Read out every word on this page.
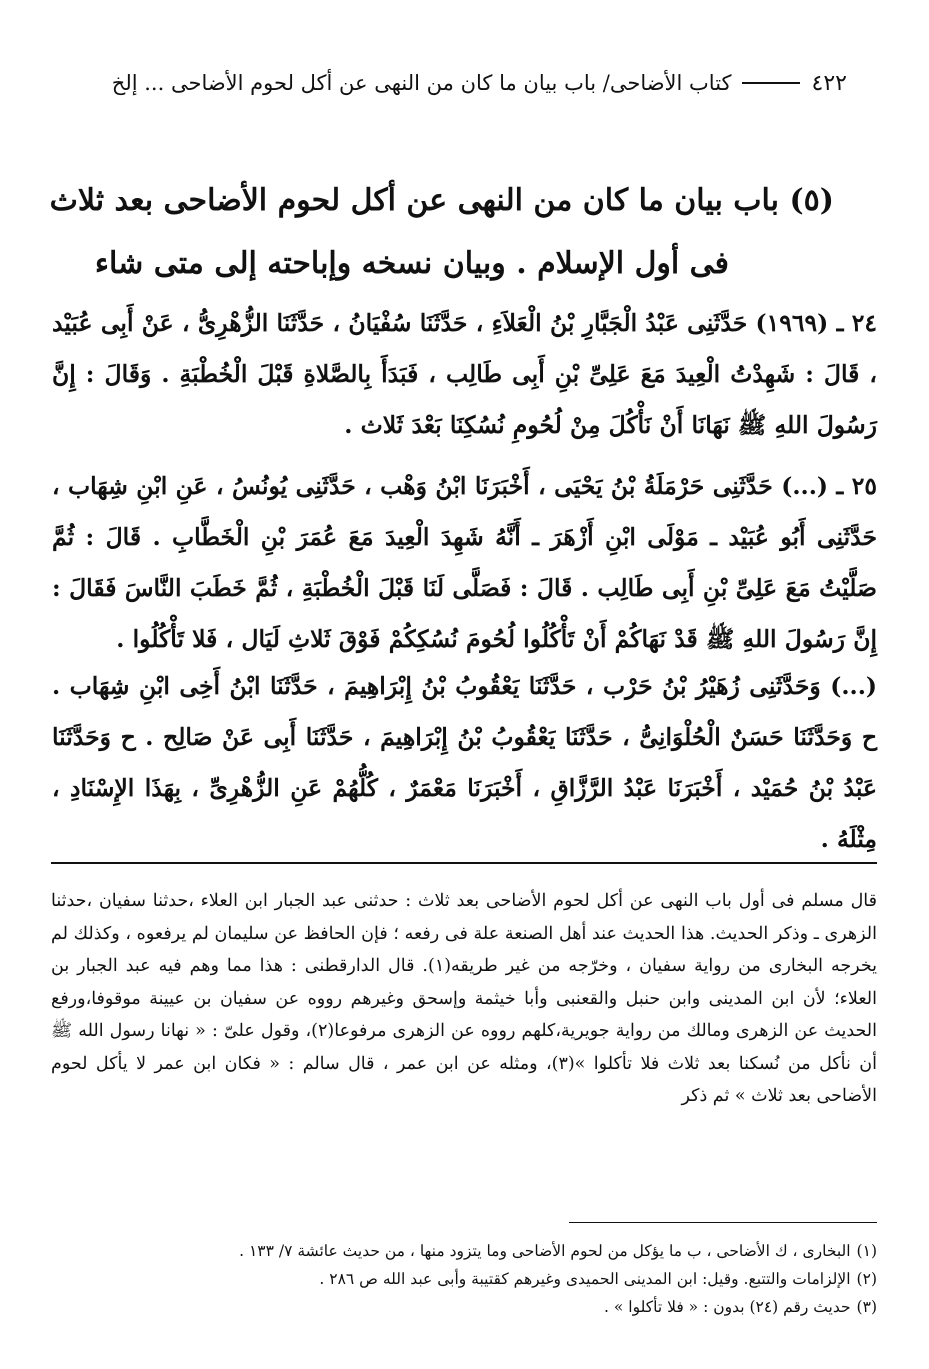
٤٢٢
كتاب الأضاحى/ باب بيان ما كان من النهى عن أكل لحوم الأضاحى ... إلخ
(٥) باب بيان ما كان من النهى عن أكل لحوم الأضاحى بعد ثلاث
فى أول الإسلام . وبيان نسخه وإباحته إلى متى شاء

٢٤ ـ (١٩٦٩) حَدَّثَنِى عَبْدُ الْجَبَّارِ بْنُ الْعَلاَءِ ، حَدَّثَنَا سُفْيَانُ ، حَدَّثَنَا الزُّهْرِىُّ ، عَنْ أَبِى عُبَيْد ، قَالَ : شَهِدْتُ الْعِيدَ مَعَ عَلِىِّ بْنِ أَبِى طَالِب ، فَبَدَأَ بِالصَّلاةِ قَبْلَ الْخُطْبَةِ . وَقَالَ : إِنَّ رَسُولَ اللهِ ﷺ نَهَانَا أَنْ نَأْكُلَ مِنْ لُحُومِ نُسُكِنَا بَعْدَ ثَلاث .

٢٥ ـ (...) حَدَّثَنِى حَرْمَلَةُ بْنُ يَحْيَى ، أَخْبَرَنَا ابْنُ وَهْب ، حَدَّثَنِى يُونُسُ ، عَنِ ابْنِ شِهَاب ، حَدَّثَنِى أَبُو عُبَيْد ـ مَوْلَى ابْنِ أَزْهَرَ ـ أَنَّهُ شَهِدَ الْعِيدَ مَعَ عُمَرَ بْنِ الْخَطَّابِ . قَالَ : ثُمَّ صَلَّيْتُ مَعَ عَلِىِّ بْنِ أَبِى طَالِب . قَالَ : فَصَلَّى لَنَا قَبْلَ الْخُطْبَةِ ، ثُمَّ خَطَبَ النَّاسَ فَقَالَ : إِنَّ رَسُولَ اللهِ ﷺ قَدْ نَهَاكُمْ أَنْ تَأْكُلُوا لُحُومَ نُسُكِكُمْ فَوْقَ ثَلاثِ لَيَال ، فَلا تَأْكُلُوا .

(...) وَحَدَّثَنِى زُهَيْرُ بْنُ حَرْب ، حَدَّثَنَا يَعْقُوبُ بْنُ إِبْرَاهِيمَ ، حَدَّثَنَا ابْنُ أَخِى ابْنِ شِهَاب . ح وَحَدَّثَنَا حَسَنٌ الْحُلْوَانِىُّ ، حَدَّثَنَا يَعْقُوبُ بْنُ إِبْرَاهِيمَ ، حَدَّثَنَا أَبِى عَنْ صَالِح . ح وَحَدَّثَنَا عَبْدُ بْنُ حُمَيْد ، أَخْبَرَنَا عَبْدُ الرَّزَّاقِ ، أَخْبَرَنَا مَعْمَرٌ ، كُلُّهُمْ عَنِ الزُّهْرِىِّ ، بِهَذَا الإِسْنَادِ ، مِثْلَهُ .

قال مسلم فى أول باب النهى عن أكل لحوم الأضاحى بعد ثلاث : حدثنى عبد الجبار ابن العلاء ،حدثنا سفيان ،حدثنا الزهرى ـ وذكر الحديث. هذا الحديث عند أهل الصنعة علة فى رفعه ؛ فإن الحافظ عن سليمان لم يرفعوه ، وكذلك لم يخرجه البخارى من رواية سفيان ، وخرّجه من غير طريقه(١). قال الدارقطنى : هذا مما وهم فيه عبد الجبار بن العلاء؛ لأن ابن المدينى وابن حنبل والقعنبى وأبا خيثمة وإسحق وغيرهم رووه عن سفيان بن عيينة موقوفا،ورفع الحديث عن الزهرى ومالك من رواية جويرية،كلهم رووه عن الزهرى مرفوعا(٢)، وقول علىّ : « نهانا رسول الله ﷺ أن نأكل من نُسكنا بعد ثلاث فلا تأكلوا »(٣)، ومثله عن ابن عمر ، قال سالم : « فكان ابن عمر لا يأكل لحوم الأضاحى بعد ثلاث » ثم ذكر

(١)البخارى ، ك الأضاحى ، ب ما يؤكل من لحوم الأضاحى وما يتزود منها ، من حديث عائشة ٧/ ١٣٣ .
(٢)الإلزامات والتتبع. وقيل: ابن المدينى الحميدى وغيرهم كقتيبة وأبى عبد الله ص ٢٨٦ .
(٣)حديث رقم (٢٤) بدون : « فلا تأكلوا » .
